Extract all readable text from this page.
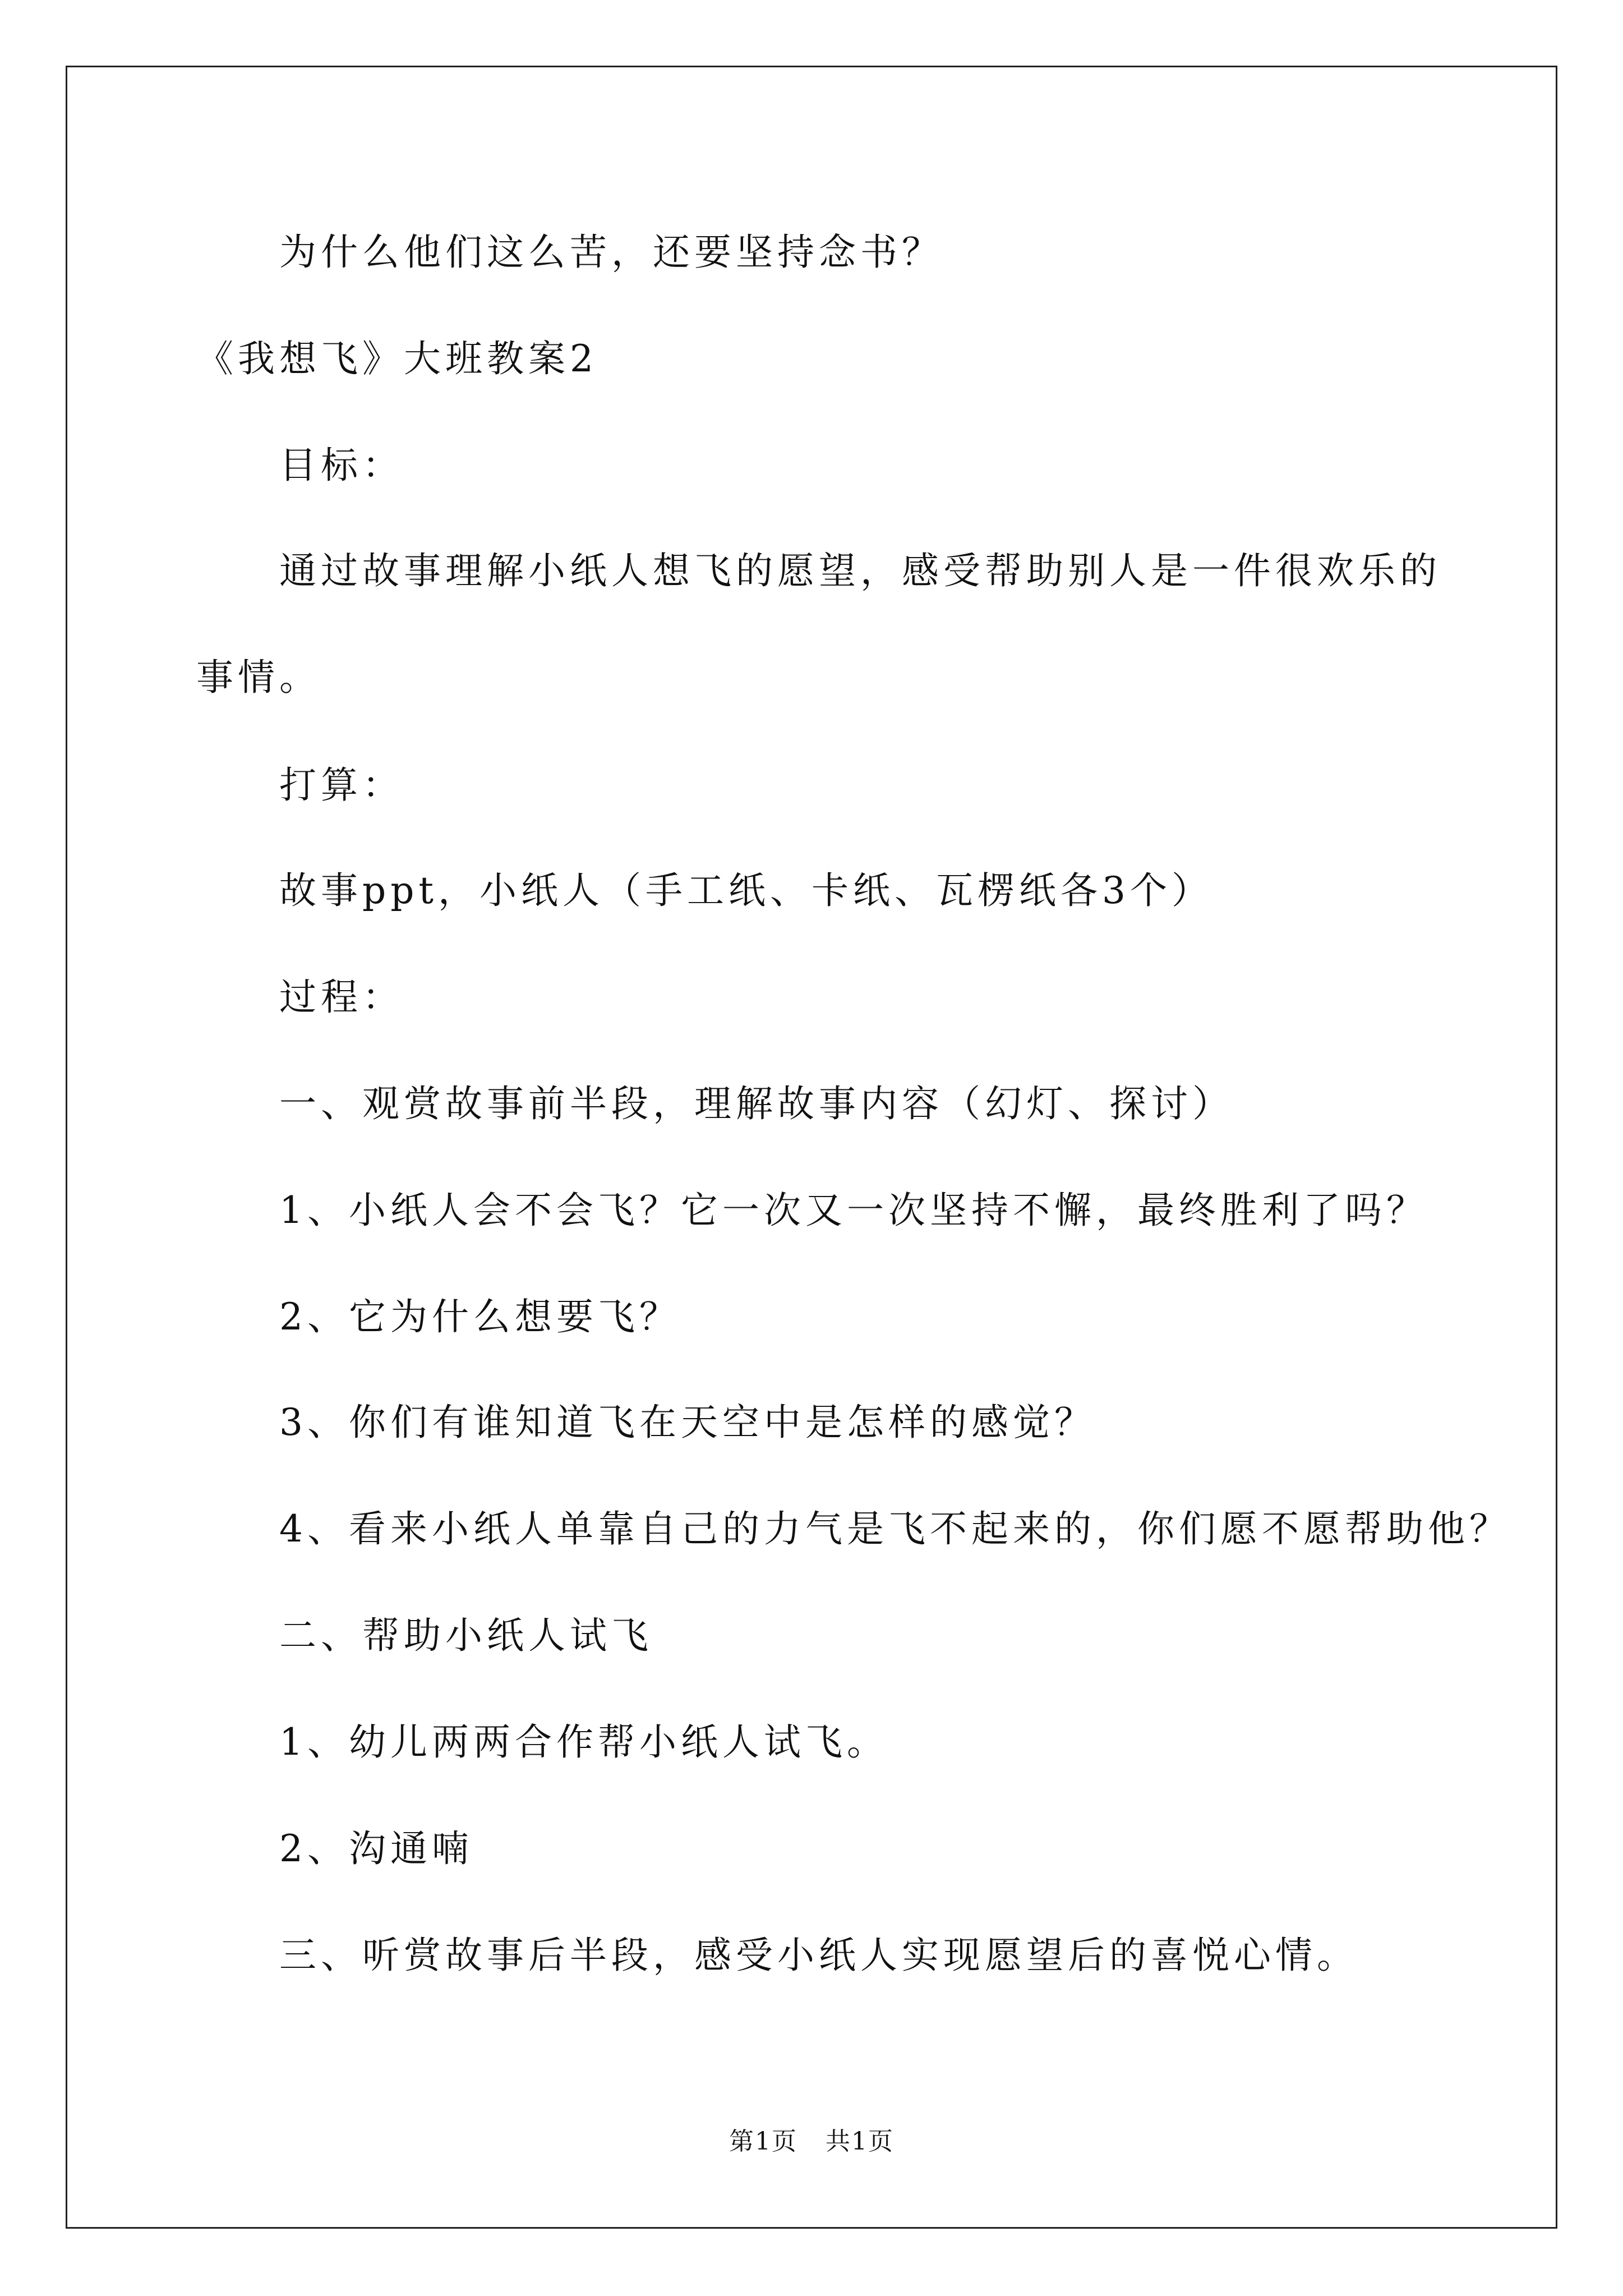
为什么他们这么苦，还要坚持念书？
《我想飞》大班教案2
目标：
通过故事理解小纸人想飞的愿望，感受帮助别人是一件很欢乐的
事情。
打算：
故事ppt，小纸人（手工纸、卡纸、瓦楞纸各3个）
过程：
一、观赏故事前半段，理解故事内容（幻灯、探讨）
1、小纸人会不会飞？它一次又一次坚持不懈，最终胜利了吗？
2、它为什么想要飞？
3、你们有谁知道飞在天空中是怎样的感觉？
4、看来小纸人单靠自己的力气是飞不起来的，你们愿不愿帮助他？
二、帮助小纸人试飞
1、幼儿两两合作帮小纸人试飞。
2、沟通喃
三、听赏故事后半段，感受小纸人实现愿望后的喜悦心情。
第1页 共1页
